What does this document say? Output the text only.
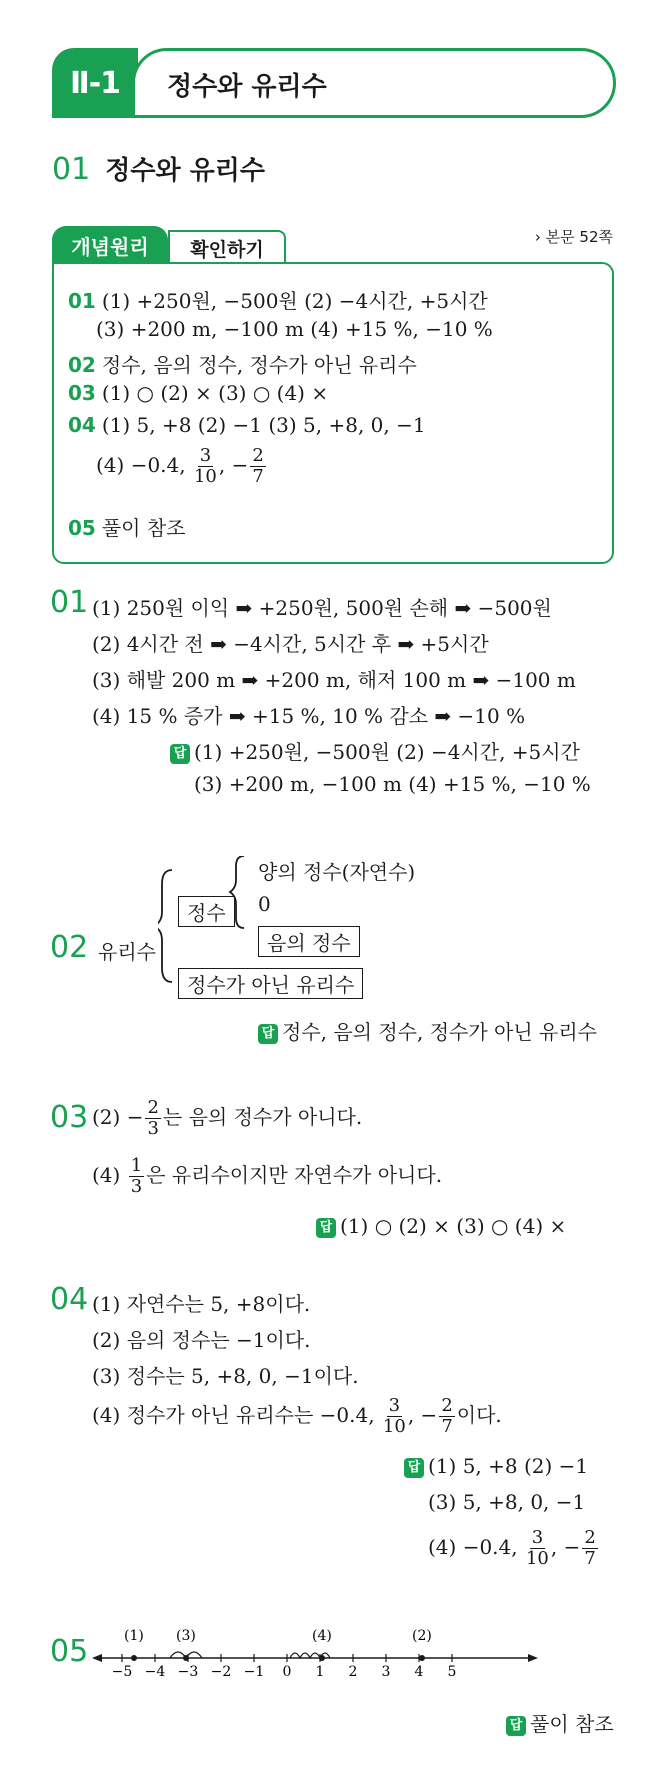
Ⅱ-1	정수와 유리수
01 정수와 유리수
개념원리	확인하기
› 본문 52쪽
01 (1) +250원, −500원 (2) −4시간, +5시간
(3) +200 m, −100 m (4) +15 %, −10 %
02 정수, 음의 정수, 정수가 아닌 유리수
03 (1) ○ (2) × (3) ○ (4) ×
04 (1) 5, +8 (2) −1 (3) 5, +8, 0, −1
(4) −0.4, $\frac{3}{10}$ , − $\frac{2}{7}$
05 풀이 참조
01 (1) 250원 이익 ➡ +250원, 500원 손해 ➡ −500원
(2) 4시간 전 ➡ −4시간, 5시간 후 ➡ +5시간
(3) 해발 200 m ➡ +200 m, 해저 100 m ➡ −100 m
(4) 15 % 증가 ➡ +15 %, 10 % 감소 ➡ −10 %
답 (1) +250원, −500원 (2) −4시간, +5시간
(3) +200 m, −100 m (4) +15 %, −10 %
02 유리수
정수
양의 정수(자연수)
0
음의 정수
정수가 아닌 유리수
답 정수, 음의 정수, 정수가 아닌 유리수
03 $(2) - \frac{2}{3}$ 는 음의 정수가 아니다.
$(4) \frac{1}{3}$ 은 유리수이지만 자연수가 아니다.
답 (1) ○ (2) × (3) ○ (4) ×
04 (1) 자연수는 5, +8이다.
(2) 음의 정수는 −1이다.
(3) 정수는 5, +8, 0, −1이다.
(4) 정수가 아닌 유리수는 −0.4, $\frac{3}{10}$ , − $\frac{2}{7}$ 이다.
답 (1) 5, +8 (2) −1
(3) 5, +8, 0, −1
(4) −0.4, $\frac{3}{10}$ , − $\frac{2}{7}$
05
−5 −4 −3 −2 −1 0 1 2 3 4 5
(1) (3)	(4)	(2)
답 풀이 참조
